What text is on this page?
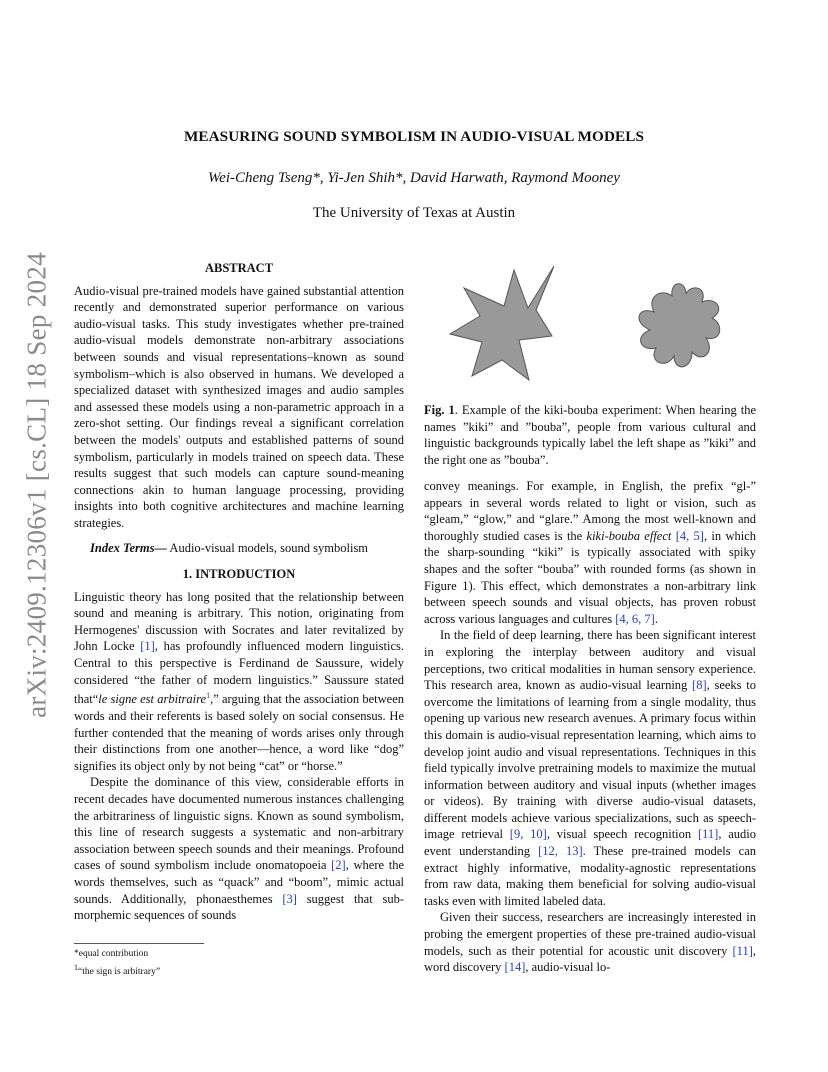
arXiv:2409.12306v1 [cs.CL] 18 Sep 2024
MEASURING SOUND SYMBOLISM IN AUDIO-VISUAL MODELS
Wei-Cheng Tseng*, Yi-Jen Shih*, David Harwath, Raymond Mooney
The University of Texas at Austin
ABSTRACT

Audio-visual pre-trained models have gained substantial attention recently and demonstrated superior performance on various audio-visual tasks. This study investigates whether pre-trained audio-visual models demonstrate non-arbitrary associations between sounds and visual representations–known as sound symbolism–which is also observed in humans. We developed a specialized dataset with synthesized images and audio samples and assessed these models using a non-parametric approach in a zero-shot setting. Our findings reveal a significant correlation between the models' outputs and established patterns of sound symbolism, particularly in models trained on speech data. These results suggest that such models can capture sound-meaning connections akin to human language processing, providing insights into both cognitive architectures and machine learning strategies.

Index Terms— Audio-visual models, sound symbolism

1. INTRODUCTION

Linguistic theory has long posited that the relationship between sound and meaning is arbitrary. This notion, originating from Hermogenes' discussion with Socrates and later revitalized by John Locke [1], has profoundly influenced modern linguistics. Central to this perspective is Ferdinand de Saussure, widely considered “the father of modern linguistics.” Saussure stated that“le signe est arbitraire$^1$,” arguing that the association between words and their referents is based solely on social consensus. He further contended that the meaning of words arises only through their distinctions from one another—hence, a word like “dog” signifies its object only by not being “cat” or “horse.”

Despite the dominance of this view, considerable efforts in recent decades have documented numerous instances challenging the arbitrariness of linguistic signs. Known as sound symbolism, this line of research suggests a systematic and non-arbitrary association between speech sounds and their meanings. Profound cases of sound symbolism include onomatopoeia [2], where the words themselves, such as “quack” and “boom”, mimic actual sounds. Additionally, phonaesthemes [3] suggest that sub-morphemic sequences of sounds

*equal contribution
$^1$“the sign is arbitrary”
Fig. 1. Example of the kiki-bouba experiment: When hearing the names ”kiki” and ”bouba”, people from various cultural and linguistic backgrounds typically label the left shape as ”kiki” and the right one as ”bouba”.

convey meanings. For example, in English, the prefix “gl-” appears in several words related to light or vision, such as “gleam,” “glow,” and “glare.” Among the most well-known and thoroughly studied cases is the kiki-bouba effect [4, 5], in which the sharp-sounding “kiki” is typically associated with spiky shapes and the softer “bouba” with rounded forms (as shown in Figure 1). This effect, which demonstrates a non-arbitrary link between speech sounds and visual objects, has proven robust across various languages and cultures [4, 6, 7].

In the field of deep learning, there has been significant interest in exploring the interplay between auditory and visual perceptions, two critical modalities in human sensory experience. This research area, known as audio-visual learning [8], seeks to overcome the limitations of learning from a single modality, thus opening up various new research avenues. A primary focus within this domain is audio-visual representation learning, which aims to develop joint audio and visual representations. Techniques in this field typically involve pretraining models to maximize the mutual information between auditory and visual inputs (whether images or videos). By training with diverse audio-visual datasets, different models achieve various specializations, such as speech-image retrieval [9, 10], visual speech recognition [11], audio event understanding [12, 13]. These pre-trained models can extract highly informative, modality-agnostic representations from raw data, making them beneficial for solving audio-visual tasks even with limited labeled data.

Given their success, researchers are increasingly interested in probing the emergent properties of these pre-trained audio-visual models, such as their potential for acoustic unit discovery [11], word discovery [14], audio-visual lo-
